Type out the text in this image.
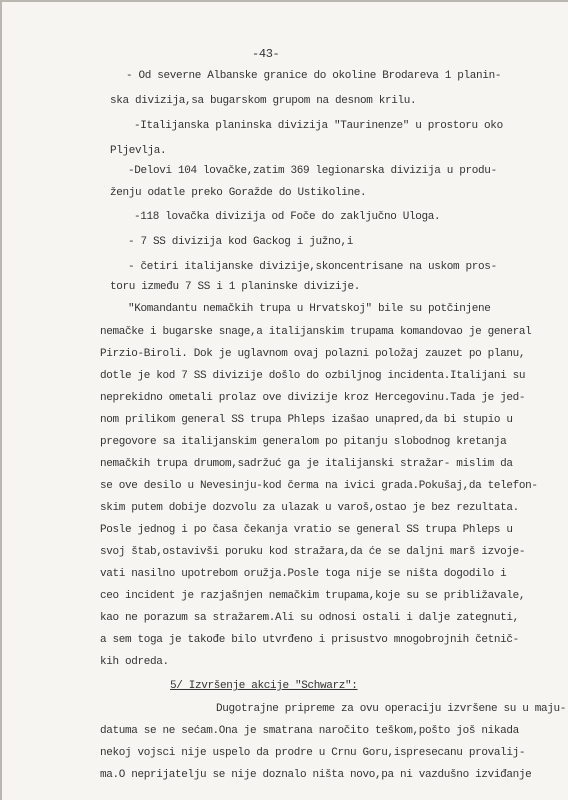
-43-
- Od severne Albanske granice do okoline Brodareva 1 planin-
ska divizija,sa bugarskom grupom na desnom krilu.
-Italijanska planinska divizija "Taurinenze" u prostoru oko
Pljevlja.
-Delovi 104 lovačke,zatim 369 legionarska divizija u produ-
ženju odatle preko Goražde do Ustikoline.
-118 lovačka divizija od Foče do zaključno Uloga.
- 7 SS divizija kod Gackog i južno,i
- četiri italijanske divizije,skoncentrisane na uskom pros-
toru između 7 SS i 1 planinske divizije.
"Komandantu nemačkih trupa u Hrvatskoj" bile su potčinjene
nemačke i bugarske snage,a italijanskim trupama komandovao je general
Pirzio-Biroli. Dok je uglavnom ovaj polazni položaj zauzet po planu,
dotle je kod 7 SS divizije došlo do ozbiljnog incidenta.Italijani su
neprekidno ometali prolaz ove divizije kroz Hercegovinu.Tada je jed-
nom prilikom general SS trupa Phleps izašao unapred,da bi stupio u
pregovore sa italijanskim generalom po pitanju slobodnog kretanja
nemačkih trupa drumom,sadržuć ga je italijanski stražar- mislim da
se ove desilo u Nevesinju-kod čerma na ivici grada.Pokušaj,da telefon-
skim putem dobije dozvolu za ulazak u varoš,ostao je bez rezultata.
Posle jednog i po časa čekanja vratio se general SS trupa Phleps u
svoj štab,ostavivši poruku kod stražara,da će se daljni marš izvoje-
vati nasilno upotrebom oružja.Posle toga nije se ništa dogodilo i
ceo incident je razjašnjen nemačkim trupama,koje su se približavale,
kao ne porazum sa stražarem.Ali su odnosi ostali i dalje zategnuti,
a sem toga je takođe bilo utvrđeno i prisustvo mnogobrojnih četnič-
kih odreda.
5/ Izvršenje akcije "Schwarz":
Dugotrajne pripreme za ovu operaciju izvršene su u maju-
datuma se ne sećam.Ona je smatrana naročito teškom,pošto još nikada
nekoj vojsci nije uspelo da prodre u Crnu Goru,ispresecanu provalij-
ma.O neprijatelju se nije doznalo ništa novo,pa ni vazdušno izviđanje
